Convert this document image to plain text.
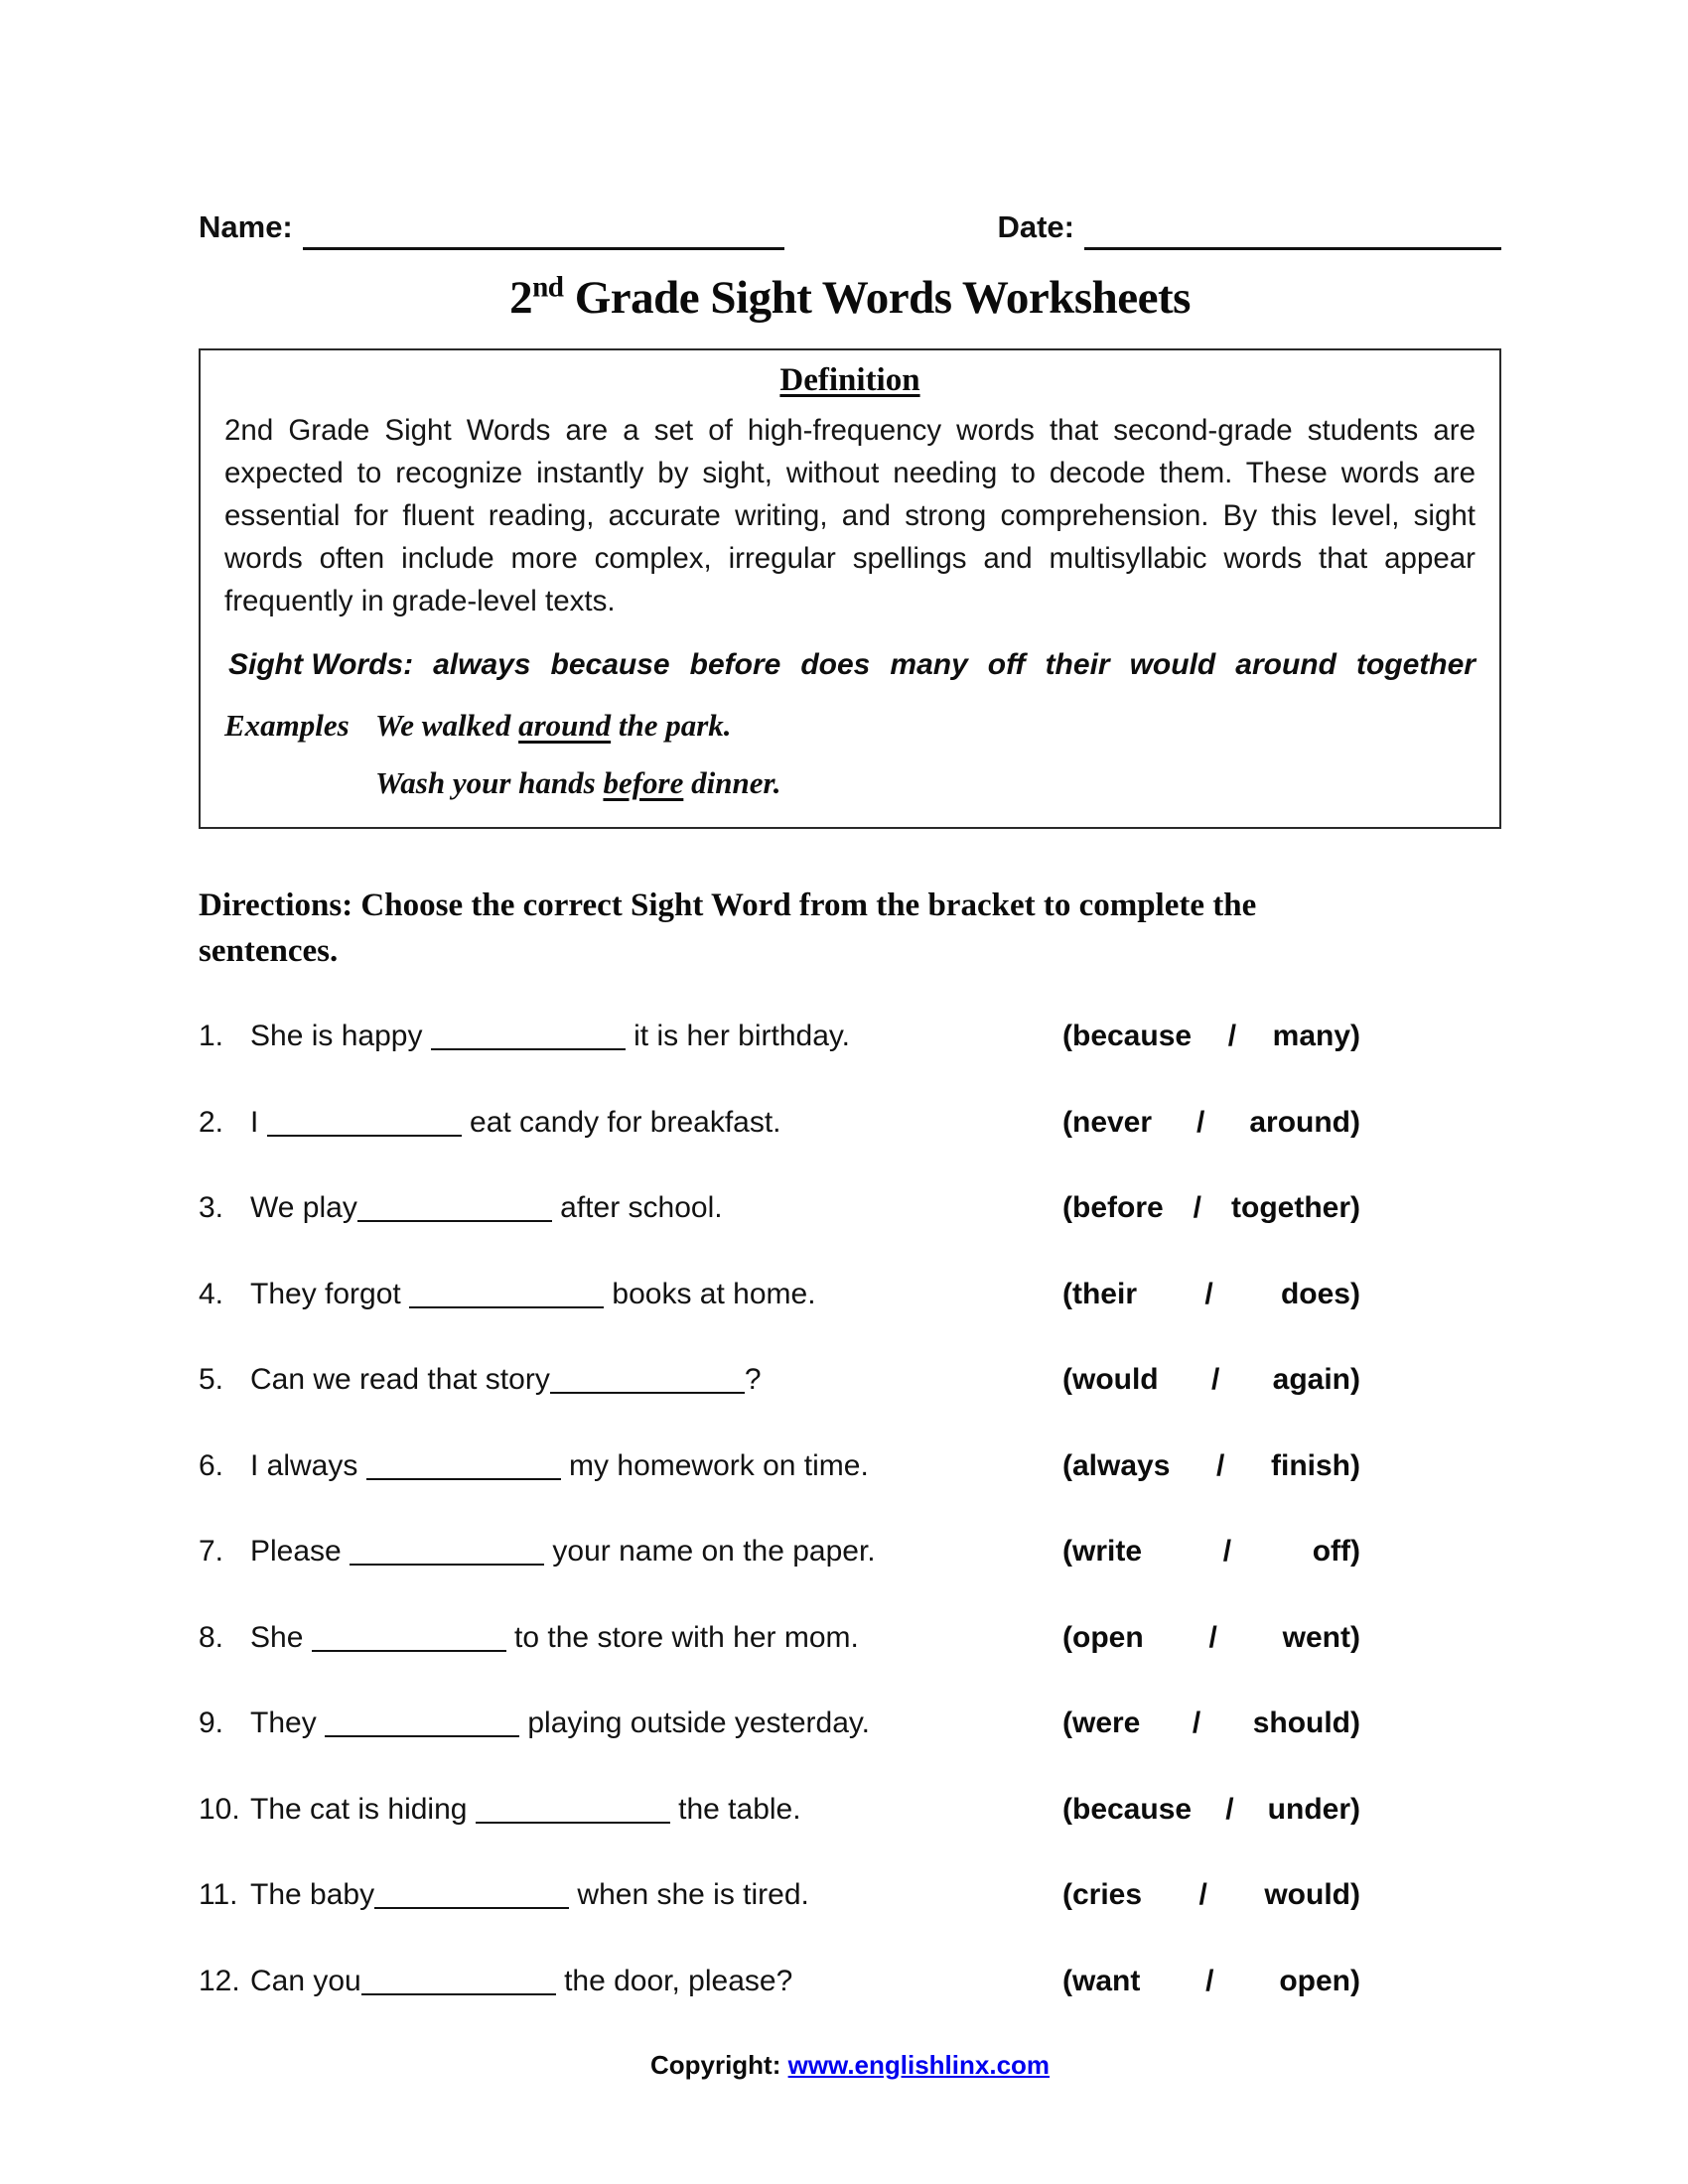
Name:	Date:
2nd Grade Sight Words Worksheets
Definition

2nd Grade Sight Words are a set of high-frequency words that second-grade students are expected to recognize instantly by sight, without needing to decode them. These words are essential for fluent reading, accurate writing, and strong comprehension. By this level, sight words often include more complex, irregular spellings and multisyllabic words that appear frequently in grade-level texts.

Sight Words: always because before does many off their would around together
Examples We walked around the park.
Wash your hands before dinner.
Directions: Choose the correct Sight Word from the bracket to complete the
sentences.
1. She is happy	it is her birthday.	(because / many)
2. I	eat candy for breakfast.	(never / around)
3. We play	after school.	(before / together)
4. They forgot	books at home.	(their / does)
5. Can we read that story	?	(would / again)
6. I always	my homework on time.	(always / finish)
7. Please	your name on the paper.	(write	/	off)
8. She	to the store with her mom.	(open / went)
9. They	playing outside yesterday.	(were / should)
10. The cat is hiding	the table.	(because / under)
11. The baby	when she is tired.	(cries / would)
12. Can you	the door, please?	(want / open)
Copyright: www.englishlinx.com
